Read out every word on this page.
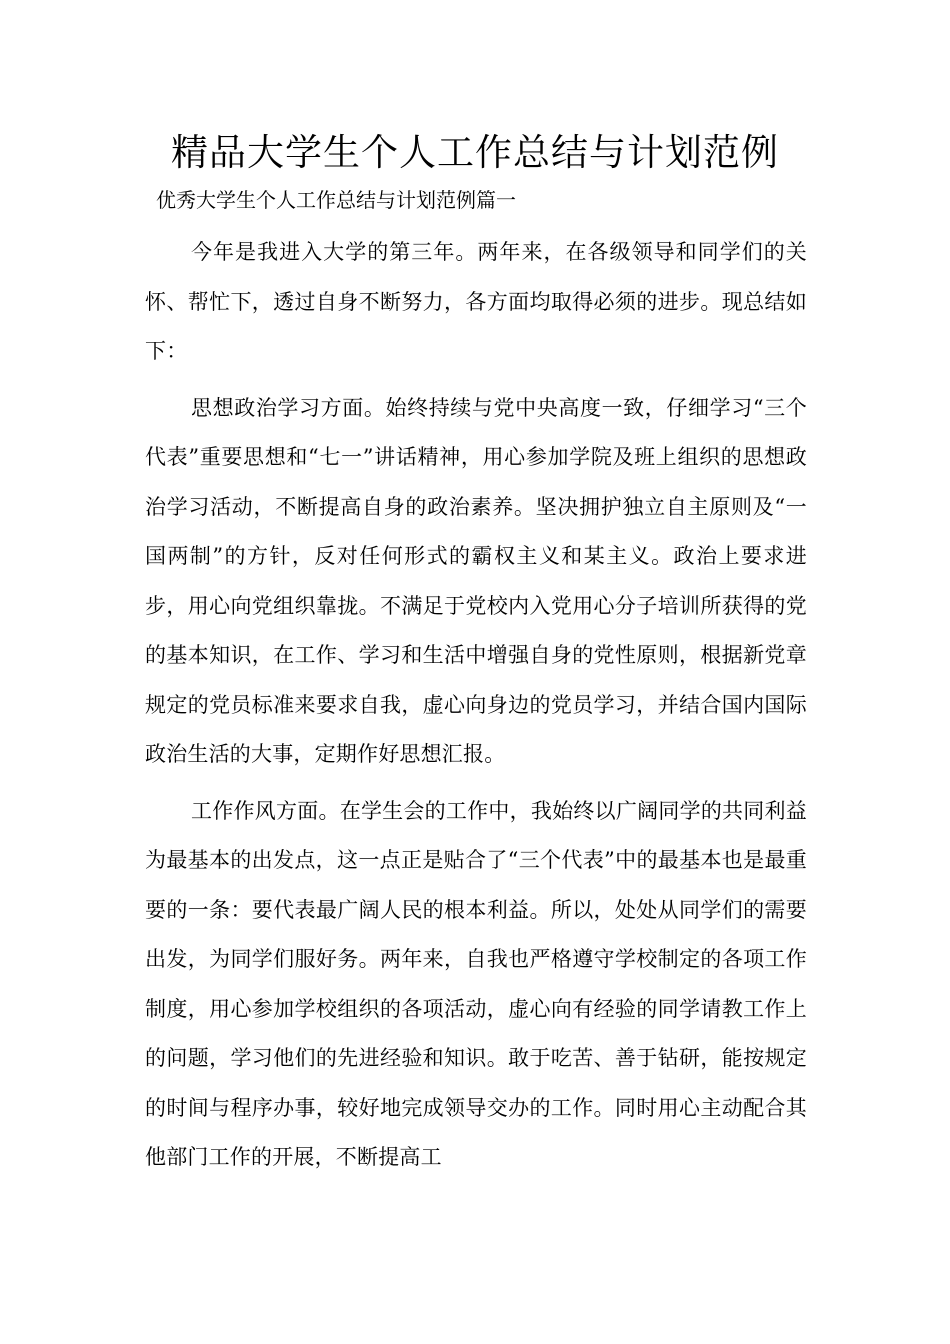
精品大学生个人工作总结与计划范例

优秀大学生个人工作总结与计划范例篇一

今年是我进入大学的第三年。两年来，在各级领导和同学们的关怀、帮忙下，透过自身不断努力，各方面均取得必须的进步。现总结如下：

思想政治学习方面。始终持续与党中央高度一致，仔细学习“三个代表”重要思想和“七一”讲话精神，用心参加学院及班上组织的思想政治学习活动，不断提高自身的政治素养。坚决拥护独立自主原则及“一国两制”的方针，反对任何形式的霸权主义和某主义。政治上要求进步，用心向党组织靠拢。不满足于党校内入党用心分子培训所获得的党的基本知识，在工作、学习和生活中增强自身的党性原则，根据新党章规定的党员标准来要求自我，虚心向身边的党员学习，并结合国内国际政治生活的大事，定期作好思想汇报。

工作作风方面。在学生会的工作中，我始终以广阔同学的共同利益为最基本的出发点，这一点正是贴合了“三个代表”中的最基本也是最重要的一条：要代表最广阔人民的根本利益。所以，处处从同学们的需要出发，为同学们服好务。两年来，自我也严格遵守学校制定的各项工作制度，用心参加学校组织的各项活动，虚心向有经验的同学请教工作上的问题，学习他们的先进经验和知识。敢于吃苦、善于钻研，能按规定的时间与程序办事，较好地完成领导交办的工作。同时用心主动配合其他部门工作的开展，不断提高工
